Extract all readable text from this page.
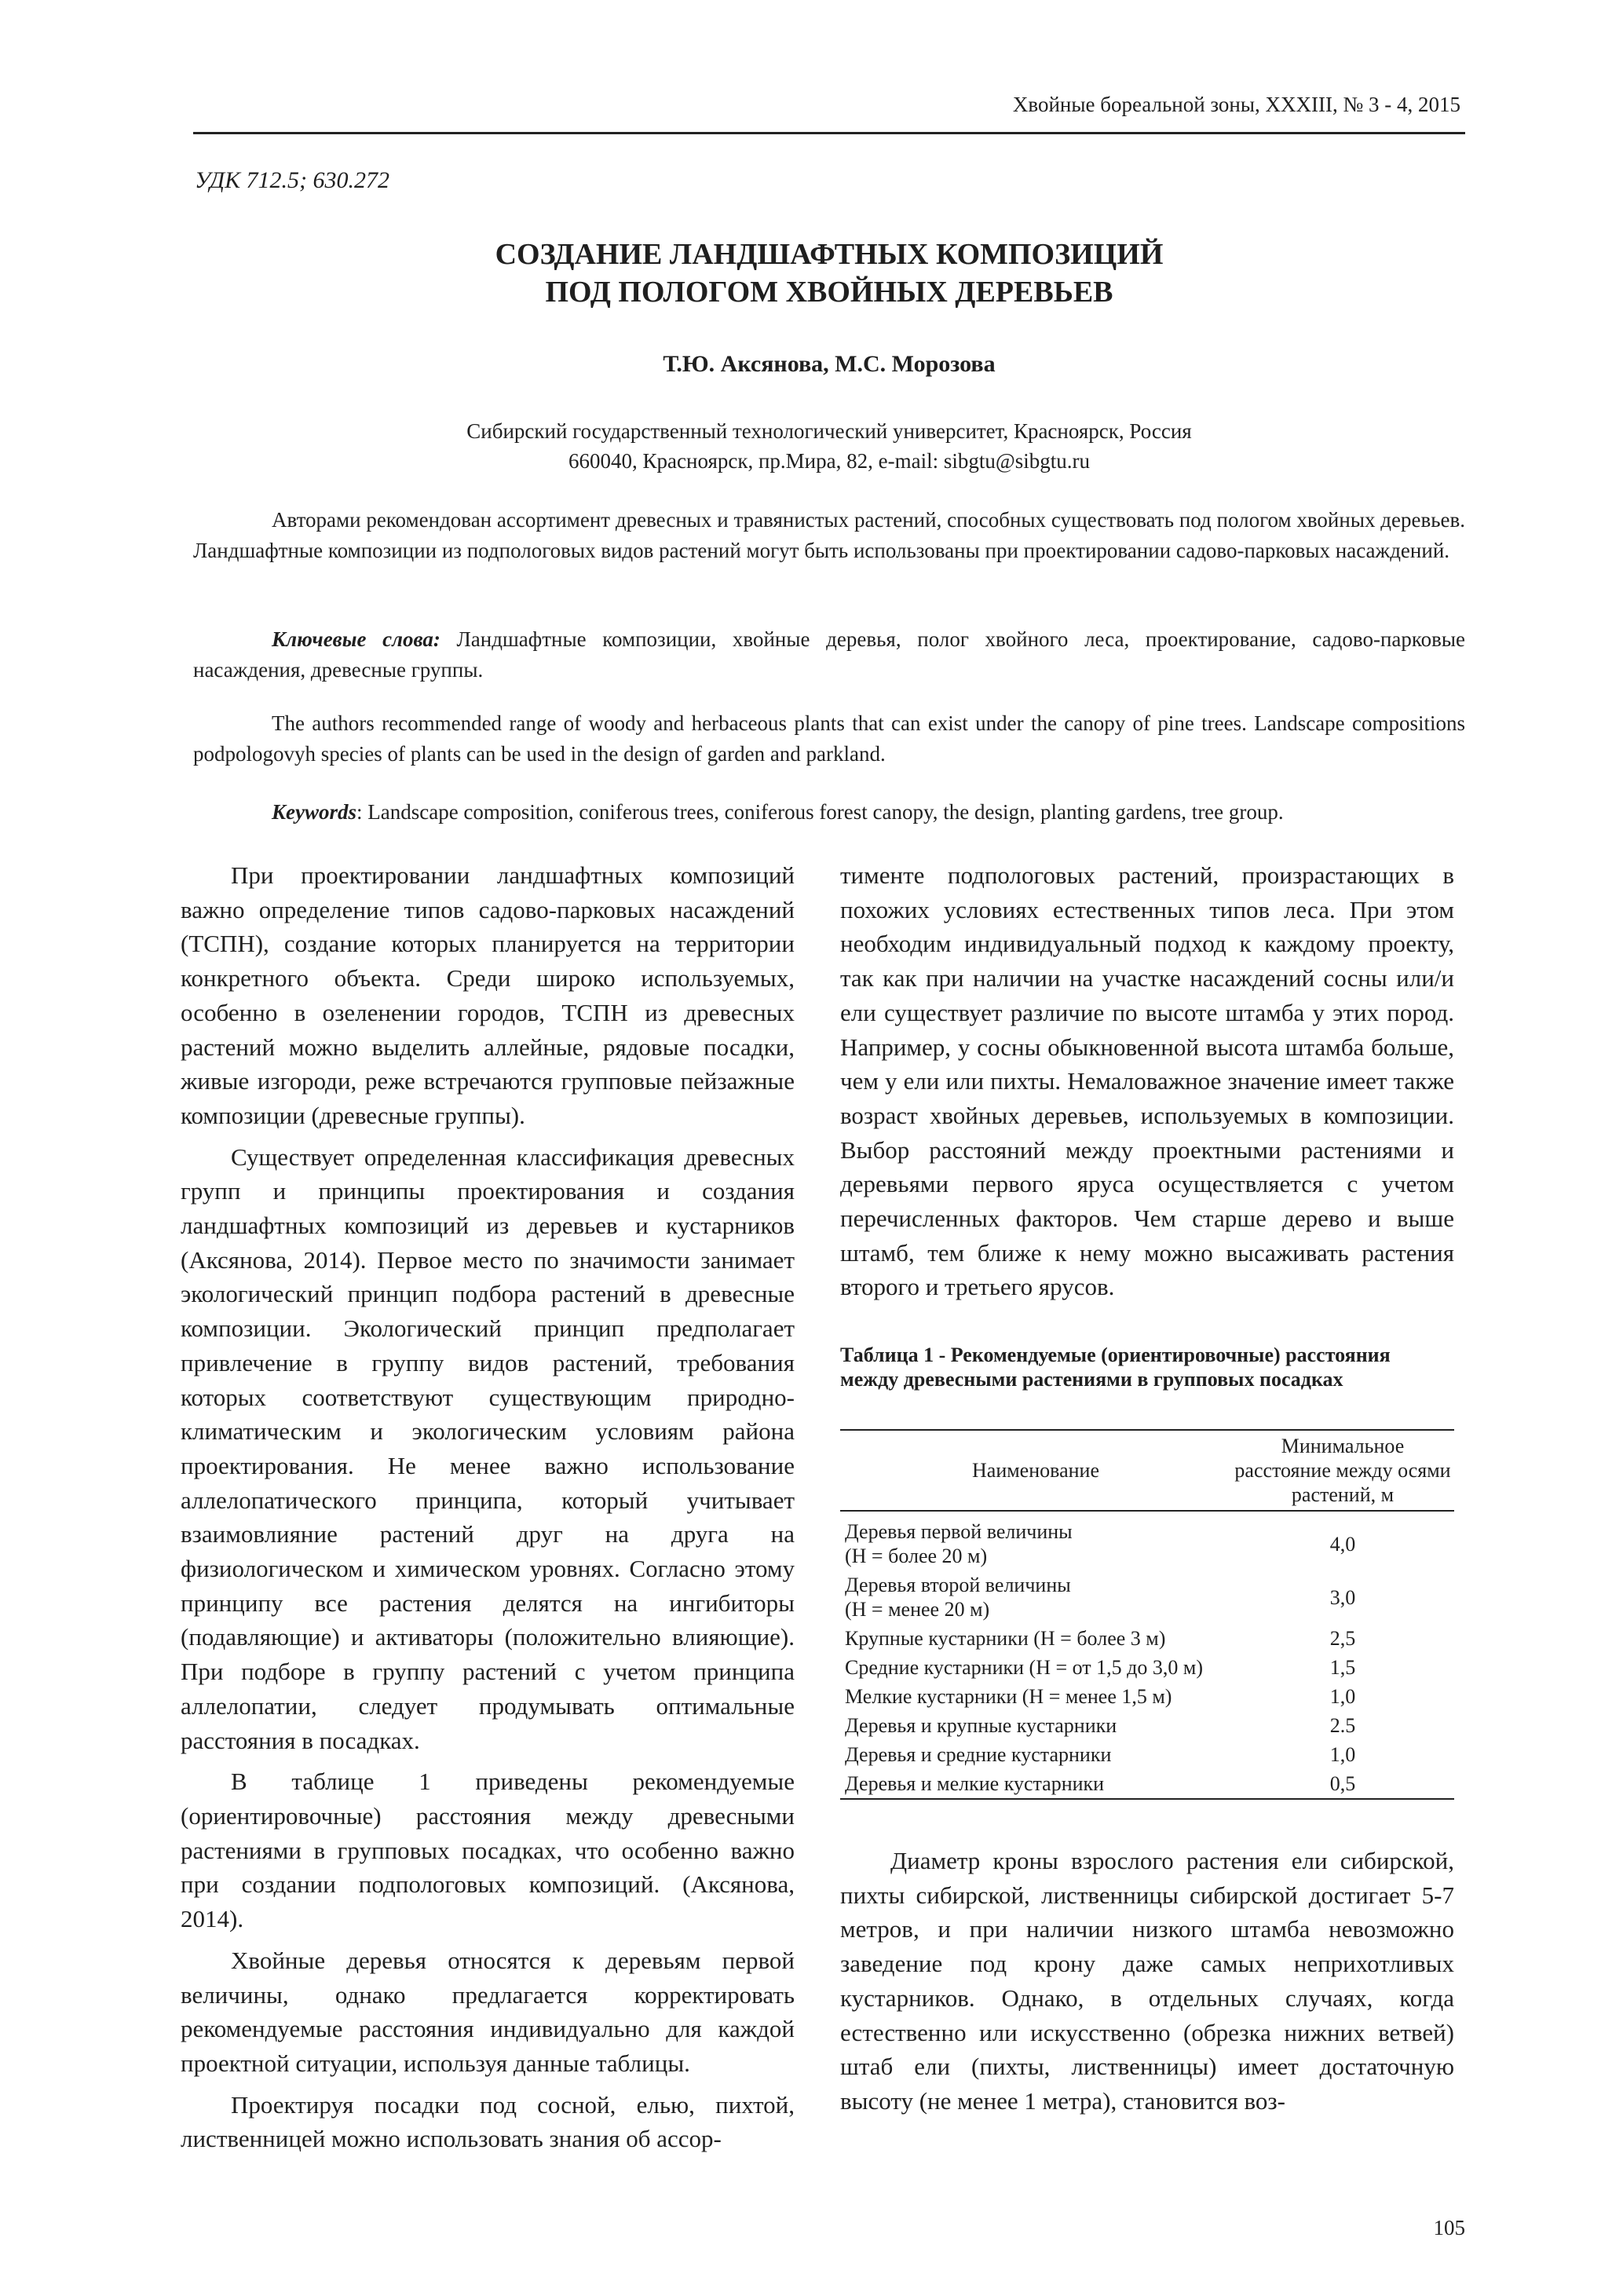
Хвойные бореальной зоны, XXXIII, № 3 - 4, 2015
УДК 712.5; 630.272
СОЗДАНИЕ ЛАНДШАФТНЫХ КОМПОЗИЦИЙ
ПОД ПОЛОГОМ ХВОЙНЫХ ДЕРЕВЬЕВ
Т.Ю. Аксянова, М.С. Морозова
Сибирский государственный технологический университет, Красноярск, Россия
660040, Красноярск, пр.Мира, 82, e-mail: sibgtu@sibgtu.ru

Авторами рекомендован ассортимент древесных и травянистых растений, способных существовать под пологом хвойных деревьев. Ландшафтные композиции из подпологовых видов растений могут быть использованы при проектировании садово-парковых насаждений.

Ключевые слова: Ландшафтные композиции, хвойные деревья, полог хвойного леса, проектирование, садово-парковые насаждения, древесные группы.

The authors recommended range of woody and herbaceous plants that can exist under the canopy of pine trees. Landscape compositions podpologovyh species of plants can be used in the design of garden and parkland.

Keywords: Landscape composition, coniferous trees, coniferous forest canopy, the design, planting gardens, tree group.

При проектировании ландшафтных композиций важно определение типов садово-парковых насаждений (ТСПН), создание которых планируется на территории конкретного объекта. Среди широко используемых, особенно в озеленении городов, ТСПН из древесных растений можно выделить аллейные, рядовые посадки, живые изгороди, реже встречаются групповые пейзажные композиции (древесные группы).

Существует определенная классификация древесных групп и принципы проектирования и создания ландшафтных композиций из деревьев и кустарников (Аксянова, 2014). Первое место по значимости занимает экологический принцип подбора растений в древесные композиции. Экологический принцип предполагает привлечение в группу видов растений, требования которых соответствуют существующим природно-климатическим и экологическим условиям района проектирования. Не менее важно использование аллелопатического принципа, который учитывает взаимовлияние растений друг на друга на физиологическом и химическом уровнях. Согласно этому принципу все растения делятся на ингибиторы (подавляющие) и активаторы (положительно влияющие). При подборе в группу растений с учетом принципа аллелопатии, следует продумывать оптимальные расстояния в посадках.

В таблице 1 приведены рекомендуемые (ориентировочные) расстояния между древесными растениями в групповых посадках, что особенно важно при создании подпологовых композиций. (Аксянова, 2014).

Хвойные деревья относятся к деревьям первой величины, однако предлагается корректировать рекомендуемые расстояния индивидуально для каждой проектной ситуации, используя данные таблицы.

Проектируя посадки под сосной, елью, пихтой, лиственницей можно использовать знания об ассор-

тименте подпологовых растений, произрастающих в похожих условиях естественных типов леса. При этом необходим индивидуальный подход к каждому проекту, так как при наличии на участке насаждений сосны или/и ели существует различие по высоте штамба у этих пород. Например, у сосны обыкновенной высота штамба больше, чем у ели или пихты. Немаловажное значение имеет также возраст хвойных деревьев, используемых в композиции. Выбор расстояний между проектными растениями и деревьями первого яруса осуществляется с учетом перечисленных факторов. Чем старше дерево и выше штамб, тем ближе к нему можно высаживать растения второго и третьего ярусов.

Таблица 1 - Рекомендуемые (ориентировочные) расстояния между древесными растениями в групповых посадках
Наименование	Минимальное расстояние между осями растений, м

Деревья первой величины
(Н = более 20 м)	4,0

Деревья второй величины
(Н = менее 20 м)	3,0
Крупные кустарники (Н = более 3 м)	2,5
Средние кустарники (Н = от 1,5 до 3,0 м)	1,5
Мелкие кустарники (Н = менее 1,5 м)	1,0
Деревья и крупные кустарники	2.5
Деревья и средние кустарники	1,0
Деревья и мелкие кустарники	0,5

Диаметр кроны взрослого растения ели сибирской, пихты сибирской, лиственницы сибирской достигает 5-7 метров, и при наличии низкого штамба невозможно заведение под крону даже самых неприхотливых кустарников. Однако, в отдельных случаях, когда естественно или искусственно (обрезка нижних ветвей) штаб ели (пихты, лиственницы) имеет достаточную высоту (не менее 1 метра), становится воз-

105
